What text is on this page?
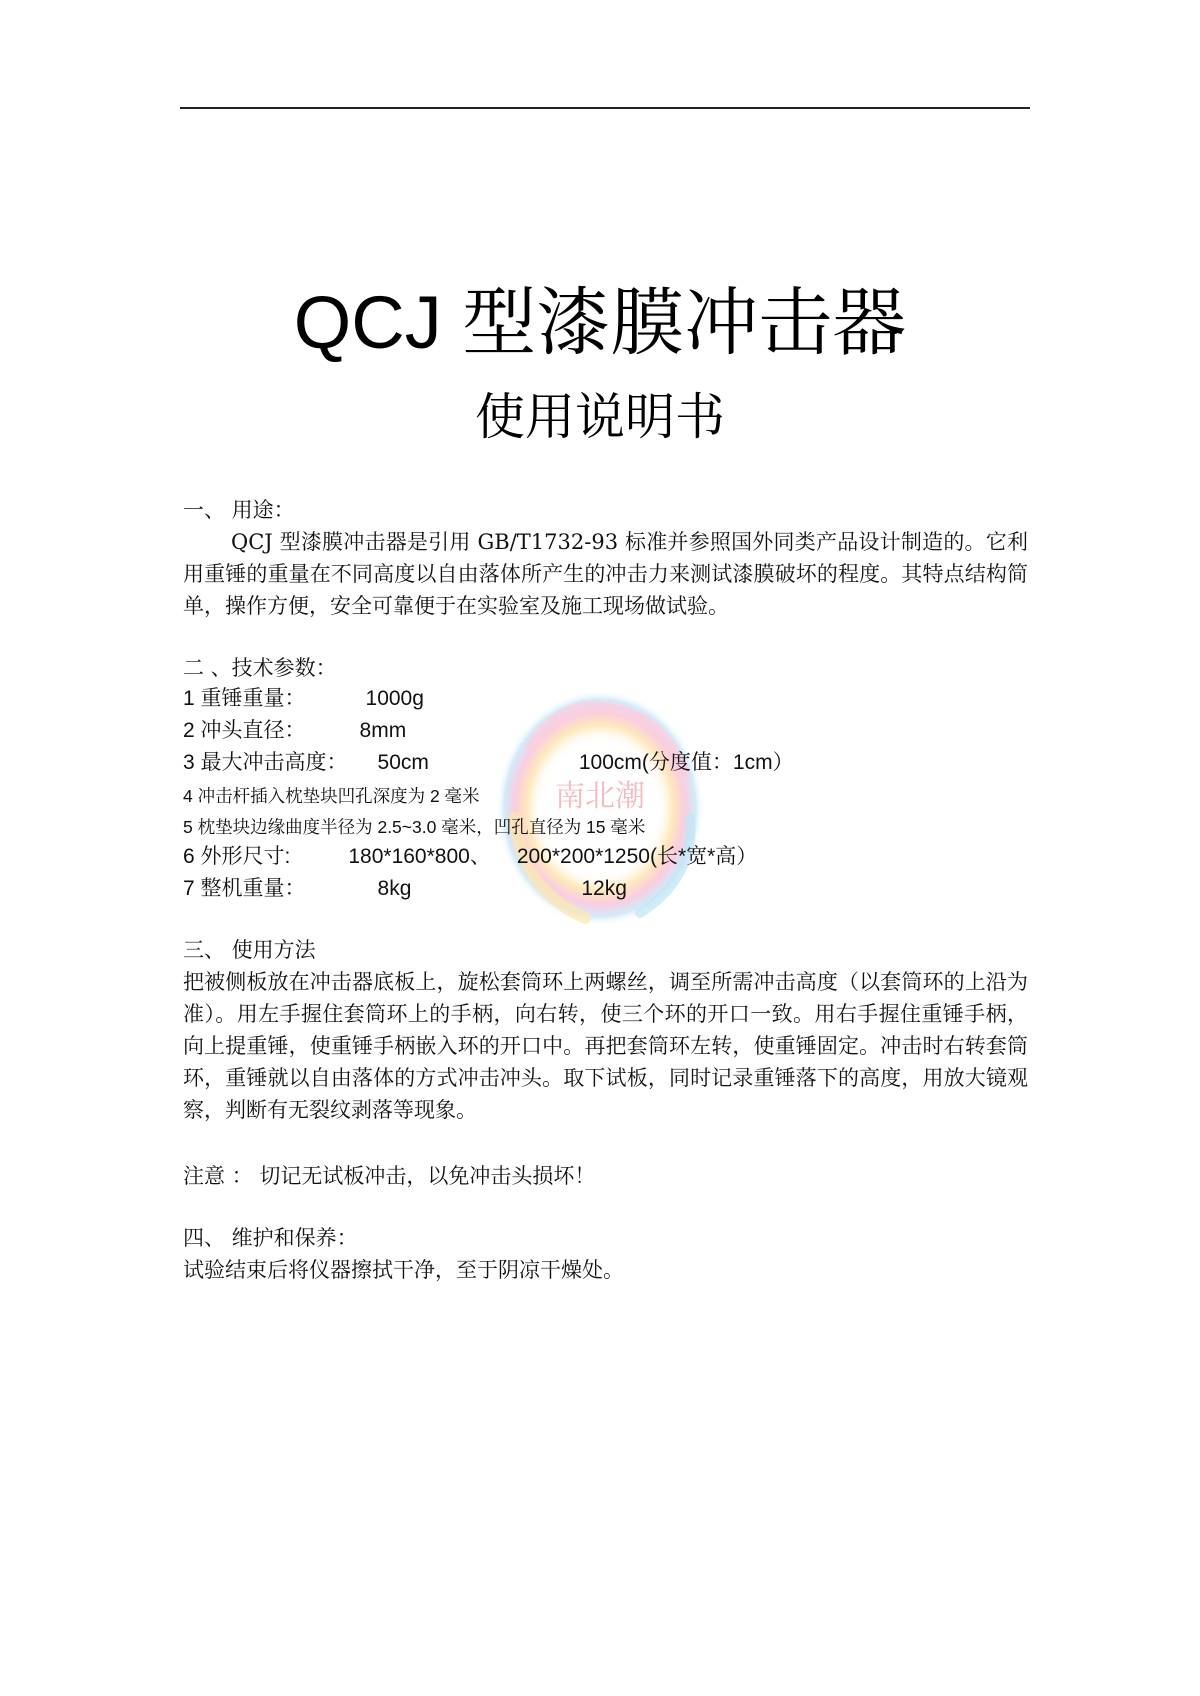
南北潮
QCJ 型漆膜冲击器
使用说明书
一、 用途：
QCJ 型漆膜冲击器是引用 GB/T1732-93 标准并参照国外同类产品设计制造的。它利用重锤的重量在不同高度以自由落体所产生的冲击力来测试漆膜破坏的程度。其特点结构简单，操作方便，安全可靠便于在实验室及施工现场做试验。
二 、技术参数：
1 重锤重量：	1000g
2 冲头直径：	8mm
3 最大冲击高度： 50cm	100cm(分度值：1cm）
4 冲击杆插入枕垫块凹孔深度为 2 毫米
5 枕垫块边缘曲度半径为 2.5~3.0 毫米，凹孔直径为 15 毫米
6 外形尺寸:	180*160*800、 200*200*1250(长*宽*高）
7 整机重量：	8kg	12kg
三、 使用方法
把被侧板放在冲击器底板上，旋松套筒环上两螺丝，调至所需冲击高度（以套筒环的上沿为准）。用左手握住套筒环上的手柄，向右转，使三个环的开口一致。用右手握住重锤手柄，向上提重锤，使重锤手柄嵌入环的开口中。再把套筒环左转，使重锤固定。冲击时右转套筒环，重锤就以自由落体的方式冲击冲头。取下试板，同时记录重锤落下的高度，用放大镜观察，判断有无裂纹剥落等现象。
注意 ： 切记无试板冲击，以免冲击头损坏！
四、 维护和保养：
试验结束后将仪器擦拭干净，至于阴凉干燥处。
